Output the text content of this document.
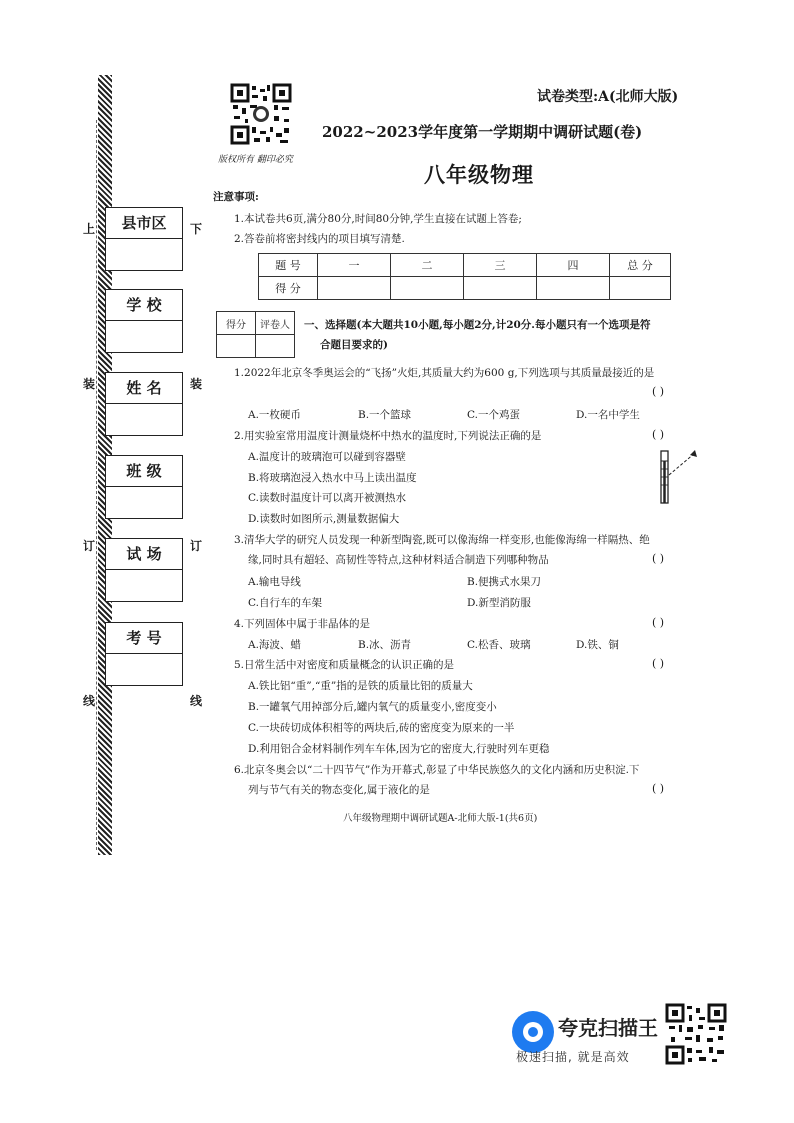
上	下
装	装
订	订
线	线
县市区
学 校
姓 名
班 级
试 场
考 号
版权所有 翻印必究
试卷类型:A(北师大版)
2022~2023学年度第一学期期中调研试题(卷)
八年级物理
注意事项:
1.本试卷共6页,满分80分,时间80分钟,学生直接在试题上答卷;
2.答卷前将密封线内的项目填写清楚.
题 号	一	二	三	四	总 分
得 分					
得分	评卷人
	一、选择题(本大题共10小题,每小题2分,计20分.每小题只有一个选项是符
合题目要求的)
1.2022年北京冬季奥运会的“飞扬”火炬,其质量大约为600 g,下列选项与其质量最接近的是
( )
A.一枚硬币	B.一个篮球	C.一个鸡蛋	D.一名中学生
2.用实验室常用温度计测量烧杯中热水的温度时,下列说法正确的是	( )
A.温度计的玻璃泡可以碰到容器壁
B.将玻璃泡浸入热水中马上读出温度
C.读数时温度计可以离开被测热水
D.读数时如图所示,测量数据偏大
3.清华大学的研究人员发现一种新型陶瓷,既可以像海绵一样变形,也能像海绵一样隔热、绝
缘,同时具有超轻、高韧性等特点,这种材料适合制造下列哪种物品	( )
A.输电导线	B.便携式水果刀
C.自行车的车架	D.新型消防服
4.下列固体中属于非晶体的是	( )
A.海波、蜡	B.冰、沥青	C.松香、玻璃	D.铁、铜
5.日常生活中对密度和质量概念的认识正确的是	( )
A.铁比铝“重”,“重”指的是铁的质量比铝的质量大
B.一罐氧气用掉部分后,罐内氧气的质量变小,密度变小
C.一块砖切成体积相等的两块后,砖的密度变为原来的一半
D.利用铝合金材料制作列车车体,因为它的密度大,行驶时列车更稳
6.北京冬奥会以“二十四节气”作为开幕式,彰显了中华民族悠久的文化内涵和历史积淀.下
列与节气有关的物态变化,属于液化的是	( )
八年级物理期中调研试题A-北师大版-1(共6页)
夸克扫描王
极速扫描, 就是高效
